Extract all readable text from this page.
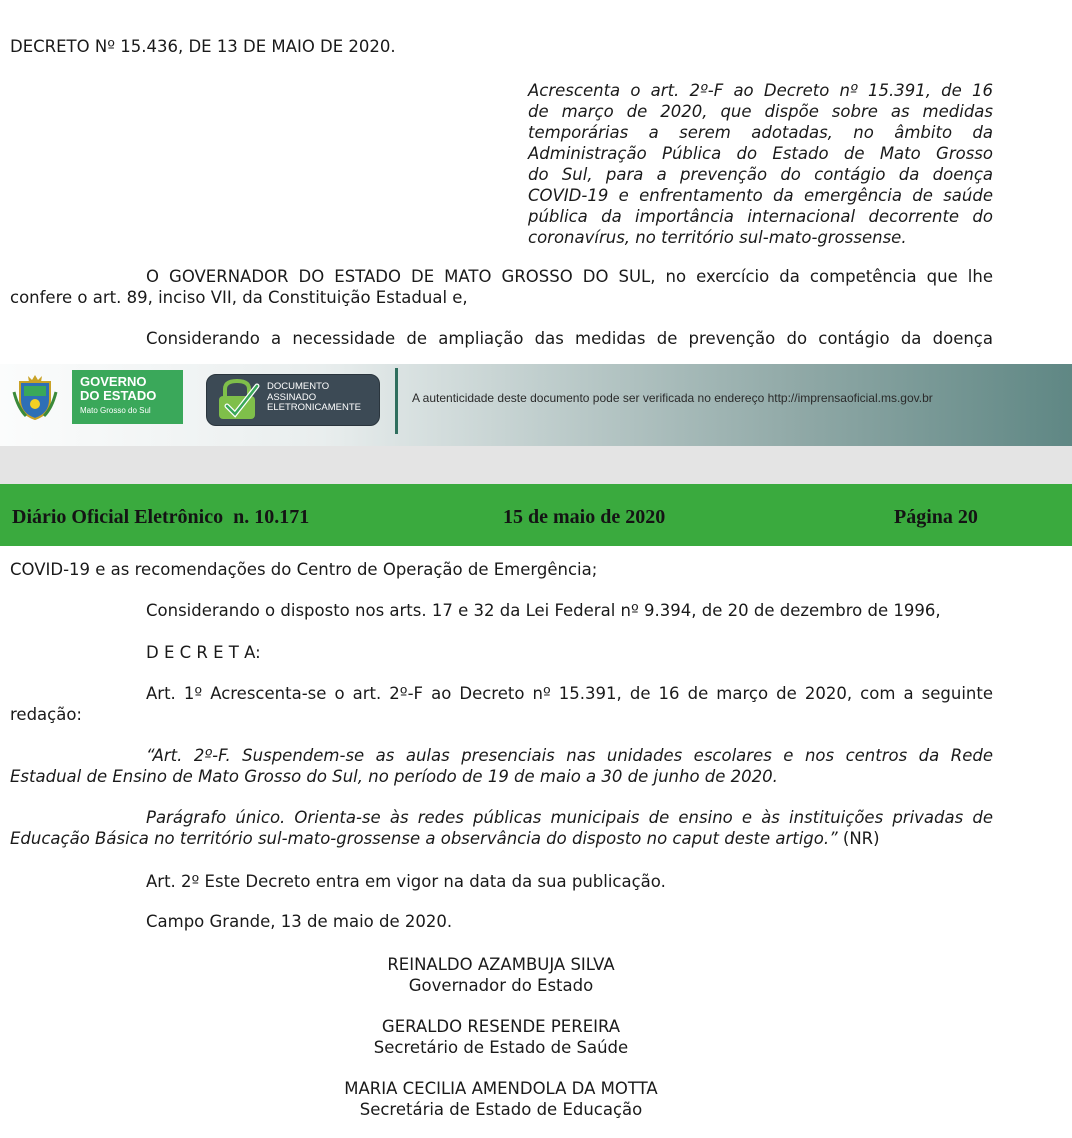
DECRETO Nº 15.436, DE 13 DE MAIO DE 2020.
Acrescenta o art. 2º-F ao Decreto nº 15.391, de 16
de março de 2020, que dispõe sobre as medidas
temporárias a serem adotadas, no âmbito da
Administração Pública do Estado de Mato Grosso
do Sul, para a prevenção do contágio da doença
COVID-19 e enfrentamento da emergência de saúde
pública da importância internacional decorrente do
coronavírus, no território sul-mato-grossense.
O GOVERNADOR DO ESTADO DE MATO GROSSO DO SUL, no exercício da competência que lhe
confere o art. 89, inciso VII, da Constituição Estadual e,
Considerando a necessidade de ampliação das medidas de prevenção do contágio da doença
GOVERNO
DO ESTADO
Mato Grosso do Sul
DOCUMENTO
ASSINADO
ELETRONICAMENTE
A autenticidade deste documento pode ser verificada no endereço http://imprensaoficial.ms.gov.br
Diário Oficial Eletrônico  n. 10.171	15 de maio de 2020	Página 20
COVID-19 e as recomendações do Centro de Operação de Emergência;
Considerando o disposto nos arts. 17 e 32 da Lei Federal nº 9.394, de 20 de dezembro de 1996,
D E C R E T A:
Art. 1º Acrescenta-se o art. 2º-F ao Decreto nº 15.391, de 16 de março de 2020, com a seguinte
redação:
“Art. 2º-F. Suspendem-se as aulas presenciais nas unidades escolares e nos centros da Rede
Estadual de Ensino de Mato Grosso do Sul, no período de 19 de maio a 30 de junho de 2020.
Parágrafo único. Orienta-se às redes públicas municipais de ensino e às instituições privadas de
Educação Básica no território sul-mato-grossense a observância do disposto no caput deste artigo.” (NR)
Art. 2º Este Decreto entra em vigor na data da sua publicação.
Campo Grande, 13 de maio de 2020.
REINALDO AZAMBUJA SILVA
Governador do Estado
GERALDO RESENDE PEREIRA
Secretário de Estado de Saúde
MARIA CECILIA AMENDOLA DA MOTTA
Secretária de Estado de Educação
